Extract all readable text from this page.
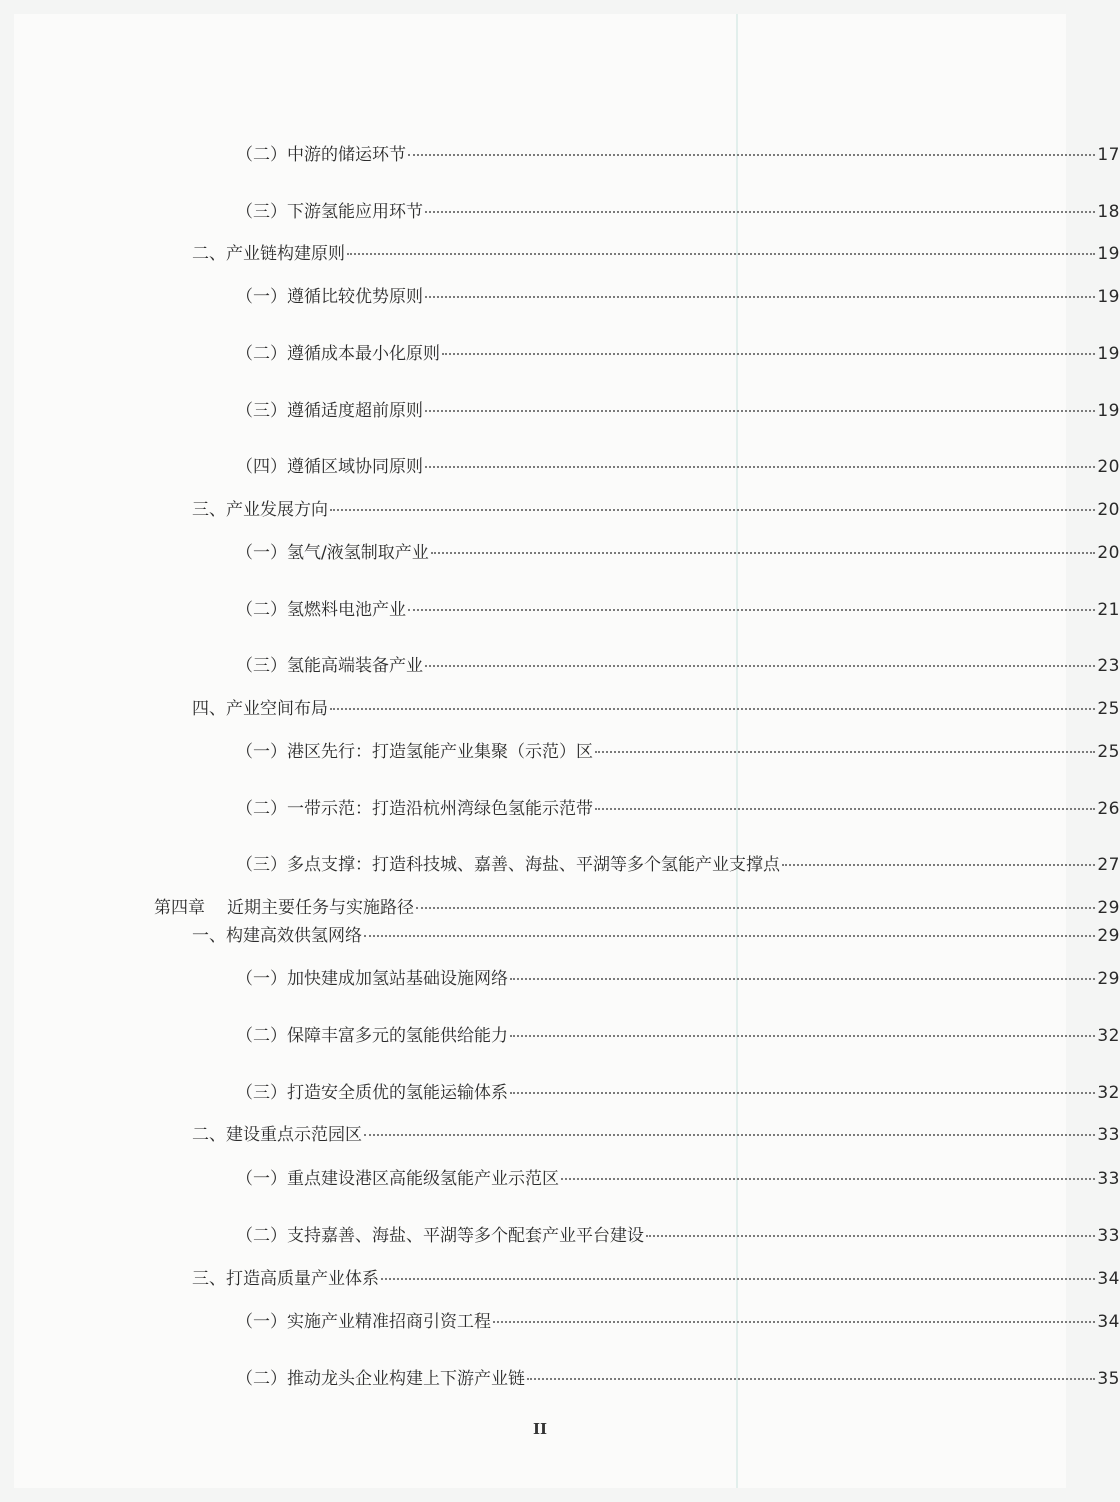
（二）中游的储运环节	17
（三）下游氢能应用环节	18
二、产业链构建原则	19
（一）遵循比较优势原则	19
（二）遵循成本最小化原则	19
（三）遵循适度超前原则	19
（四）遵循区域协同原则	20
三、产业发展方向	20
（一）氢气/液氢制取产业	20
（二）氢燃料电池产业	21
（三）氢能高端装备产业	23
四、产业空间布局	25
（一）港区先行：打造氢能产业集聚（示范）区	25
（二）一带示范：打造沿杭州湾绿色氢能示范带	26
（三）多点支撑：打造科技城、嘉善、海盐、平湖等多个氢能产业支撑点	27
第四章 近期主要任务与实施路径	29
一、构建高效供氢网络	29
（一）加快建成加氢站基础设施网络	29
（二）保障丰富多元的氢能供给能力	32
（三）打造安全质优的氢能运输体系	32
二、建设重点示范园区	33
（一）重点建设港区高能级氢能产业示范区	33
（二）支持嘉善、海盐、平湖等多个配套产业平台建设	33
三、打造高质量产业体系	34
（一）实施产业精准招商引资工程	34
（二）推动龙头企业构建上下游产业链	35
II
